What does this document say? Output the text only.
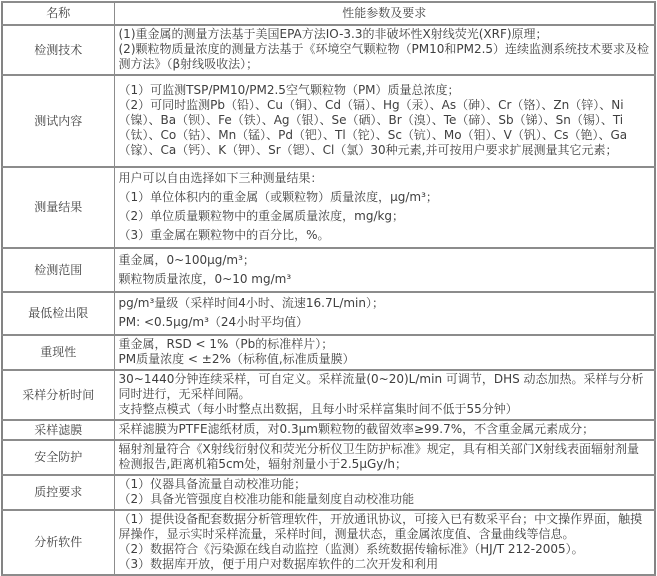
名称	性能参数及要求
检测技术	(1)重金属的测量方法基于美国EPA方法IO-3.3的非破坏性X射线荧光(XRF)原理；
(2)颗粒物质量浓度的测量方法基于《环境空气颗粒物（PM10和PM2.5）连续监测系统技术要求及检测方法》（β射线吸收法）；

测试内容	（1）可监测TSP/PM10/PM2.5空气颗粒物（PM）质量总浓度；
（2）可同时监测Pb（铅）、Cu（铜）、Cd（镉）、Hg（汞）、As（砷）、Cr（铬）、Zn（锌）、Ni（镍）、Ba（钡）、Fe（铁）、Ag（银）、Se（硒）、Br（溴）、Te（碲）、Sb（锑）、Sn（锡）、Ti（钛）、Co（钴）、Mn（锰）、Pd（钯）、Tl（铊）、Sc（钪）、Mo（钼）、V（钒）、Cs（铯）、Ga（镓）、Ca（钙）、K（钾）、Sr（锶）、Cl（氯）30种元素,并可按用户要求扩展测量其它元素；

测量结果	用户可以自由选择如下三种测量结果：
（1）单位体积内的重金属（或颗粒物）质量浓度，μg/m³；
（2）单位质量颗粒物中的重金属质量浓度，mg/kg；
（3）重金属在颗粒物中的百分比，%。

检测范围	重金属，0~100μg/m³；
颗粒物质量浓度，0~10 mg/m³

最低检出限	pg/m³量级（采样时间4小时、流速16.7L/min）；
PM: <0.5μg/m³（24小时平均值）

重现性	重金属，RSD < 1%（Pb的标准样片）；
PM质量浓度 < ±2%（标称值,标准质量膜）

采样分析时间	30~1440分钟连续采样，可自定义。采样流量(0~20)L/min 可调节，DHS 动态加热。采样与分析同时进行，无采样间隔。
支持整点模式（每小时整点出数据，且每小时采样富集时间不低于55分钟）

采样滤膜	采样滤膜为PTFE滤纸材质，对0.3μm颗粒物的截留效率≥99.7%，不含重金属元素成分；

安全防护	辐射剂量符合《X射线衍射仪和荧光分析仪卫生防护标准》规定，具有相关部门X射线表面辐射剂量检测报告,距离机箱5cm处，辐射剂量小于2.5μGy/h；

质控要求	（1）仪器具备流量自动校准功能；
（2）具备光管强度自校准功能和能量刻度自动校准功能

分析软件	（1）提供设备配套数据分析管理软件，开放通讯协议，可接入已有数采平台；中文操作界面，触摸屏操作，显示实时采样流量，采样时间，测量状态，重金属浓度值、含量曲线等信息。
（2）数据符合《污染源在线自动监控（监测）系统数据传输标准》（HJ/T 212-2005）。
（3）数据库开放，便于用户对数据库软件的二次开发和利用
